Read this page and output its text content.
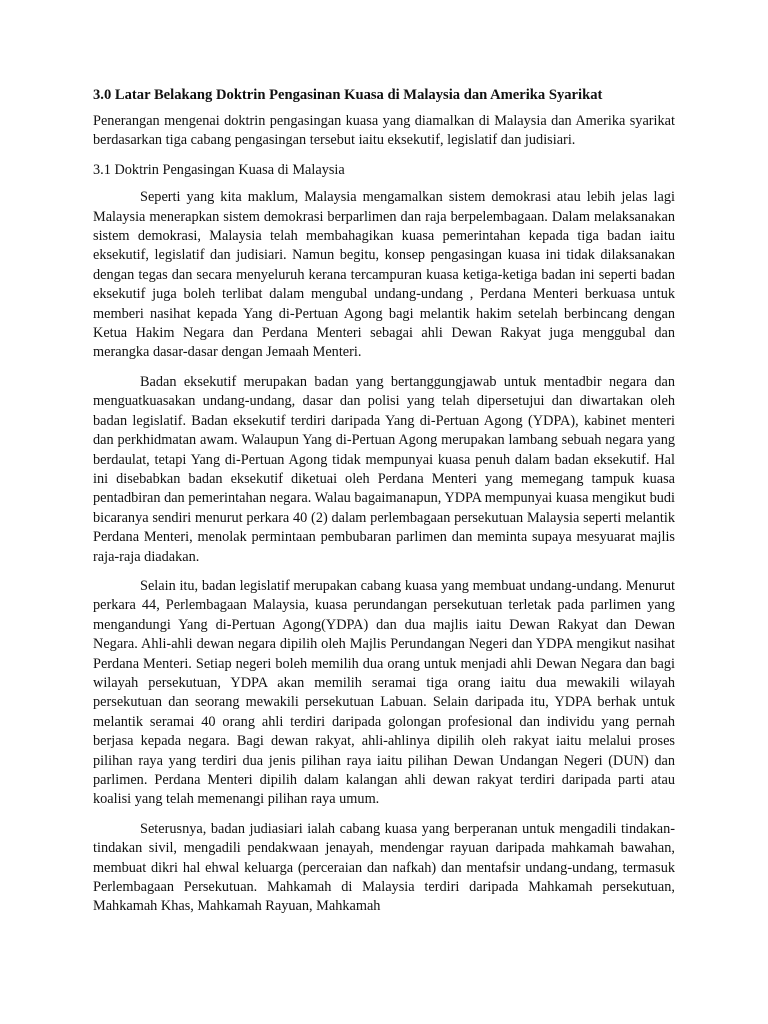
3.0 Latar Belakang Doktrin Pengasinan Kuasa di Malaysia dan Amerika Syarikat
Penerangan mengenai doktrin pengasingan kuasa yang diamalkan di Malaysia dan Amerika syarikat berdasarkan tiga cabang pengasingan tersebut iaitu eksekutif, legislatif dan judisiari.
3.1 Doktrin Pengasingan Kuasa di Malaysia
Seperti yang kita maklum, Malaysia mengamalkan sistem demokrasi atau lebih jelas lagi Malaysia menerapkan sistem demokrasi berparlimen dan raja berpelembagaan. Dalam melaksanakan sistem demokrasi, Malaysia telah membahagikan kuasa pemerintahan kepada tiga badan iaitu eksekutif, legislatif dan judisiari. Namun begitu, konsep pengasingan kuasa ini tidak dilaksanakan dengan tegas dan secara menyeluruh kerana tercampuran kuasa ketiga-ketiga badan ini seperti badan eksekutif juga boleh terlibat dalam mengubal undang-undang , Perdana Menteri berkuasa untuk memberi nasihat kepada Yang di-Pertuan Agong bagi melantik hakim setelah berbincang dengan Ketua Hakim Negara dan Perdana Menteri sebagai ahli Dewan Rakyat juga menggubal dan merangka dasar-dasar dengan Jemaah Menteri.
Badan eksekutif merupakan badan yang bertanggungjawab untuk mentadbir negara dan menguatkuasakan undang-undang, dasar dan polisi yang telah dipersetujui dan diwartakan oleh badan legislatif. Badan eksekutif terdiri daripada Yang di-Pertuan Agong (YDPA), kabinet menteri dan perkhidmatan awam. Walaupun Yang di-Pertuan Agong merupakan lambang sebuah negara yang berdaulat, tetapi Yang di-Pertuan Agong tidak mempunyai kuasa penuh dalam badan eksekutif. Hal ini disebabkan badan eksekutif diketuai oleh Perdana Menteri yang memegang tampuk kuasa pentadbiran dan pemerintahan negara. Walau bagaimanapun, YDPA mempunyai kuasa mengikut budi bicaranya sendiri menurut perkara 40 (2) dalam perlembagaan persekutuan Malaysia seperti melantik Perdana Menteri, menolak permintaan pembubaran parlimen dan meminta supaya mesyuarat majlis raja-raja diadakan.
Selain itu, badan legislatif merupakan cabang kuasa yang membuat undang-undang. Menurut perkara 44, Perlembagaan Malaysia, kuasa perundangan persekutuan terletak pada parlimen yang mengandungi Yang di-Pertuan Agong(YDPA) dan dua majlis iaitu Dewan Rakyat dan Dewan Negara. Ahli-ahli dewan negara dipilih oleh Majlis Perundangan Negeri dan YDPA mengikut nasihat Perdana Menteri. Setiap negeri boleh memilih dua orang untuk menjadi ahli Dewan Negara dan bagi wilayah persekutuan, YDPA akan memilih seramai tiga orang iaitu dua mewakili wilayah persekutuan dan seorang mewakili persekutuan Labuan. Selain daripada itu, YDPA berhak untuk melantik seramai 40 orang ahli terdiri daripada golongan profesional dan individu yang pernah berjasa kepada negara. Bagi dewan rakyat, ahli-ahlinya dipilih oleh rakyat iaitu melalui proses pilihan raya yang terdiri dua jenis pilihan raya iaitu pilihan Dewan Undangan Negeri (DUN) dan parlimen. Perdana Menteri dipilih dalam kalangan ahli dewan rakyat terdiri daripada parti atau koalisi yang telah memenangi pilihan raya umum.
Seterusnya, badan judiasiari ialah cabang kuasa yang berperanan untuk mengadili tindakan-tindakan sivil, mengadili pendakwaan jenayah, mendengar rayuan daripada mahkamah bawahan, membuat dikri hal ehwal keluarga (perceraian dan nafkah) dan mentafsir undang-undang, termasuk Perlembagaan Persekutuan. Mahkamah di Malaysia terdiri daripada Mahkamah persekutuan, Mahkamah Khas, Mahkamah Rayuan, Mahkamah
